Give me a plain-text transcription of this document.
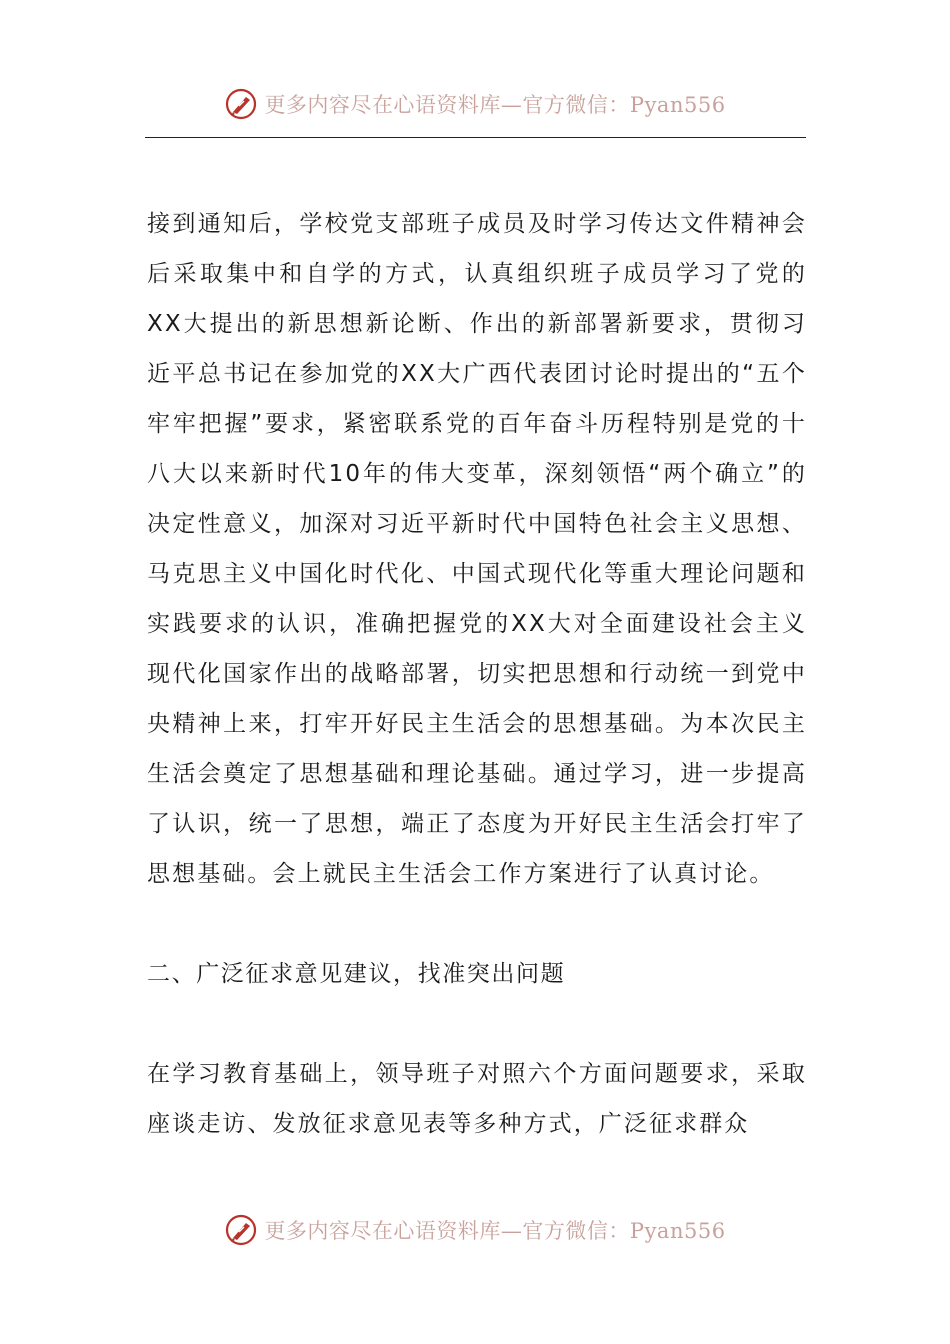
更多内容尽在心语资料库—官方微信：Pyan556

接到通知后，学校党支部班子成员及时学习传达文件精神会后采取集中和自学的方式，认真组织班子成员学习了党的XX大提出的新思想新论断、作出的新部署新要求，贯彻习近平总书记在参加党的XX大广西代表团讨论时提出的“五个牢牢把握”要求，紧密联系党的百年奋斗历程特别是党的十八大以来新时代10年的伟大变革，深刻领悟“两个确立”的决定性意义，加深对习近平新时代中国特色社会主义思想、马克思主义中国化时代化、中国式现代化等重大理论问题和实践要求的认识，准确把握党的XX大对全面建设社会主义现代化国家作出的战略部署，切实把思想和行动统一到党中央精神上来，打牢开好民主生活会的思想基础。为本次民主生活会奠定了思想基础和理论基础。通过学习，进一步提高了认识，统一了思想，端正了态度为开好民主生活会打牢了思想基础。会上就民主生活会工作方案进行了认真讨论。

二、广泛征求意见建议，找准突出问题

在学习教育基础上，领导班子对照六个方面问题要求，采取座谈走访、发放征求意见表等多种方式，广泛征求群众

更多内容尽在心语资料库—官方微信：Pyan556
